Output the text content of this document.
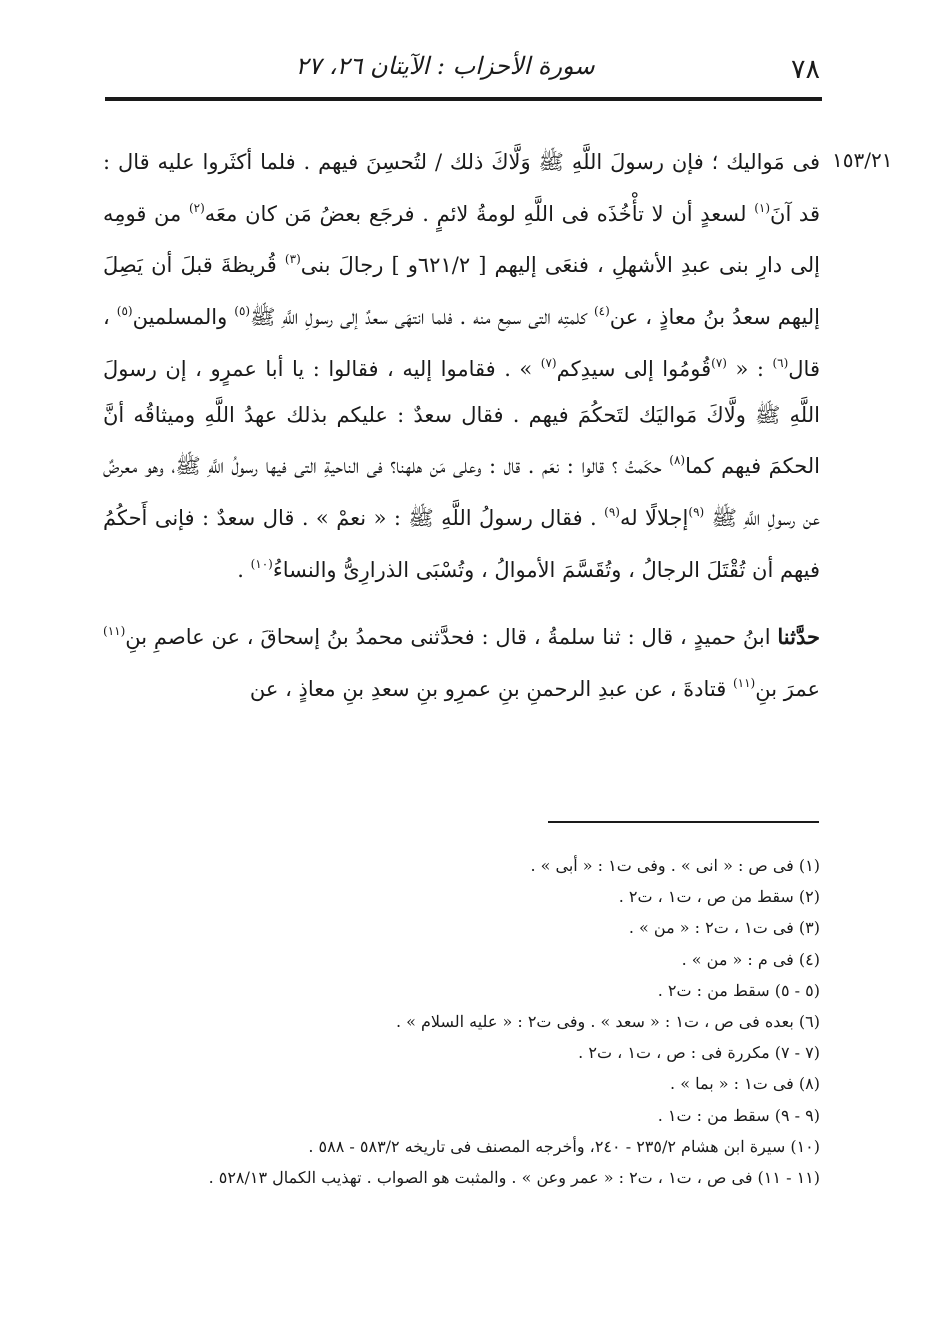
٧٨
سورة الأحزاب : الآيتان ٢٦، ٢٧
١٥٣/٢١

فى مَواليك ؛ فإن رسولَ اللَّهِ ﷺ وَلَّاكَ ذلك / لتُحسِنَ فيهم . فلما أكثَروا عليه قال : قد آنَ$^{(١)}$ لسعدٍ أن لا تأْخُذَه فى اللَّهِ لومةُ لائمٍ . فرجَع بعضُ مَن كان معَه$^{(٢)}$ من قومِه إلى دارِ بنى عبدِ الأشهلِ ، فنعَى إليهم [ ٦٢١/٢و ] رجالَ بنى$^{(٣)}$ قُريظةَ قبلَ أن يَصِلَ إليهم سعدُ بنُ معاذٍ ، عن$^{(٤)}$ كلمتِه التى سمِع منه . فلما انتهَى سعدٌ إلى رسولِ اللَّهِ ﷺ$^{(٥)}$ والمسلمين$^{(٥)}$ ، قال$^{(٦)}$ : « $^{(٧)}$قُومُوا إلى سيدِكم$^{(٧)}$ » . فقاموا إليه ، فقالوا : يا أبا عمرٍو ، إن رسولَ اللَّهِ ﷺ ولَّاكَ مَواليَك لتَحكُمَ فيهم . فقال سعدٌ : عليكم بذلك عهدُ اللَّهِ وميثاقُه أنَّ الحكمَ فيهم كما$^{(٨)}$ حكَمتُ ؟ قالوا : نعَم . قال : وعلى مَن هلهنا؟ فى الناحيةِ التى فيها رسولُ اللَّهِ ﷺ، وهو معرضٌ عن رسولِ اللَّهِ ﷺ $^{(٩)}$إجلالًا له$^{(٩)}$ . فقال رسولُ اللَّهِ ﷺ : « نعمْ » . قال سعدٌ : فإنى أَحكُمُ فيهم أن تُقْتَلَ الرجالُ ، وتُقَسَّمَ الأموالُ ، وتُسْبَى الذرارِىُّ والنساءُ$^{(١٠)}$ .

حدَّثنا ابنُ حميدٍ ، قال : ثنا سلمةُ ، قال : فحدَّثنى محمدُ بنُ إسحاقَ ، عن عاصمِ بنِ$^{(١١)}$ عمرَ بنِ$^{(١١)}$ قتادةَ ، عن عبدِ الرحمنِ بنِ عمرِو بنِ سعدِ بنِ معاذٍ ، عن

(١) فى ص : « انى » . وفى ت١ : « أبى » .
(٢) سقط من ص ، ت١ ، ت٢ .
(٣) فى ت١ ، ت٢ : « من » .
(٤) فى م : « من » .
(٥ - ٥) سقط من : ت٢ .
(٦) بعده فى ص ، ت١ : « سعد » . وفى ت٢ : « عليه السلام » .
(٧ - ٧) مكررة فى : ص ، ت١ ، ت٢ .
(٨) فى ت١ : « بما » .
(٩ - ٩) سقط من : ت١ .
(١٠) سيرة ابن هشام ٢٣٥/٢ - ٢٤٠، وأخرجه المصنف فى تاريخه ٥٨٣/٢ - ٥٨٨ .
(١١ - ١١) فى ص ، ت١ ، ت٢ : « عمر وعن » . والمثبت هو الصواب . تهذيب الكمال ٥٢٨/١٣ .
